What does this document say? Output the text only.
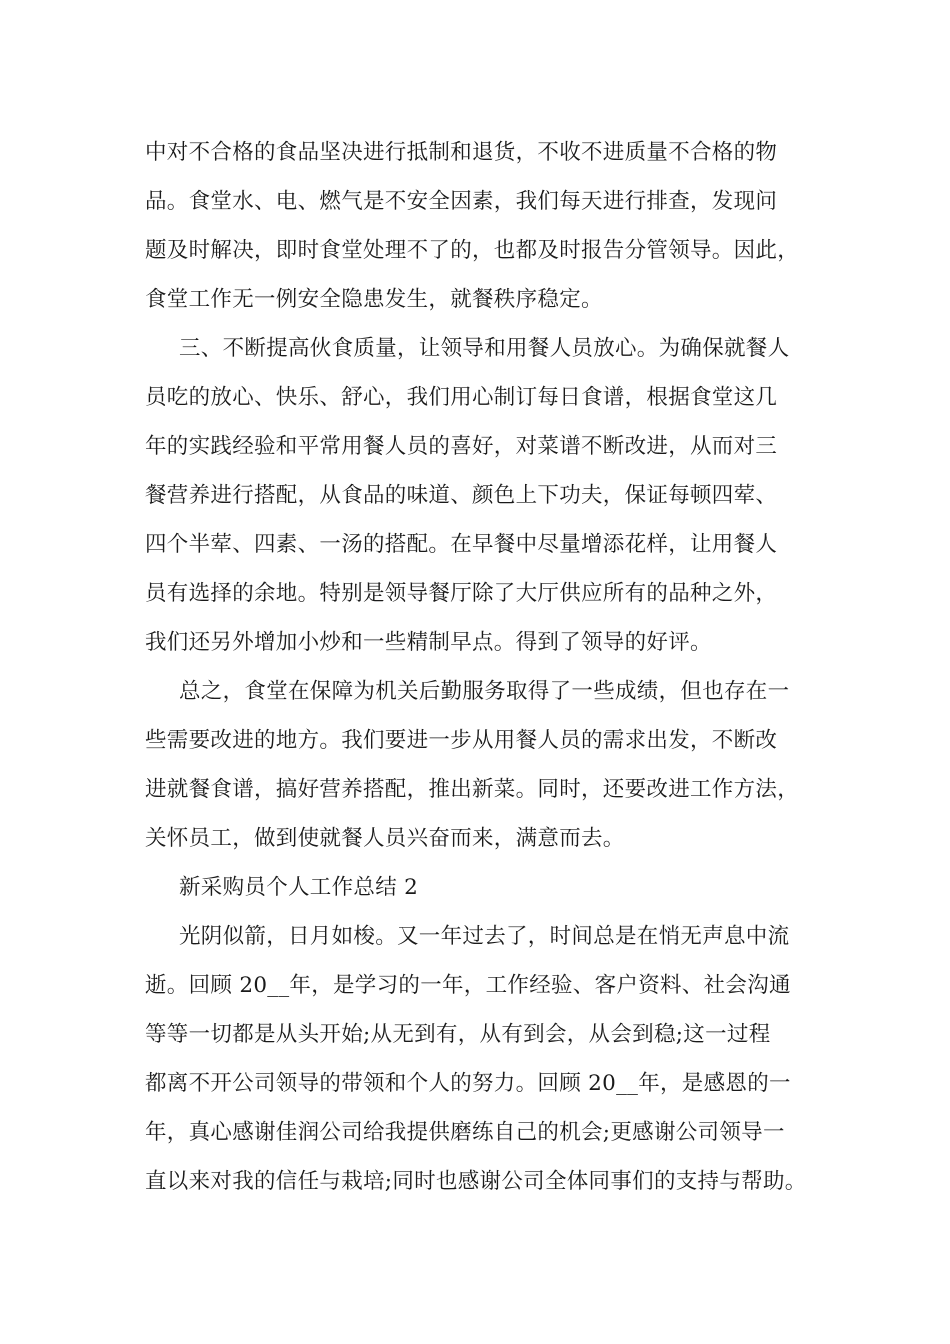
中对不合格的食品坚决进行抵制和退货，不收不进质量不合格的物
品。食堂水、电、燃气是不安全因素，我们每天进行排查，发现问
题及时解决，即时食堂处理不了的，也都及时报告分管领导。因此，
食堂工作无一例安全隐患发生，就餐秩序稳定。
三、不断提高伙食质量，让领导和用餐人员放心。为确保就餐人
员吃的放心、快乐、舒心，我们用心制订每日食谱，根据食堂这几
年的实践经验和平常用餐人员的喜好，对菜谱不断改进，从而对三
餐营养进行搭配，从食品的味道、颜色上下功夫，保证每顿四荤、
四个半荤、四素、一汤的搭配。在早餐中尽量增添花样，让用餐人
员有选择的余地。特别是领导餐厅除了大厅供应所有的品种之外，
我们还另外增加小炒和一些精制早点。得到了领导的好评。
总之，食堂在保障为机关后勤服务取得了一些成绩，但也存在一
些需要改进的地方。我们要进一步从用餐人员的需求出发，不断改
进就餐食谱，搞好营养搭配，推出新菜。同时，还要改进工作方法，
关怀员工，做到使就餐人员兴奋而来，满意而去。
新采购员个人工作总结 2
光阴似箭，日月如梭。又一年过去了，时间总是在悄无声息中流
逝。回顾 20__年，是学习的一年，工作经验、客户资料、社会沟通
等等一切都是从头开始;从无到有，从有到会，从会到稳;这一过程
都离不开公司领导的带领和个人的努力。回顾 20__年，是感恩的一
年，真心感谢佳润公司给我提供磨练自己的机会;更感谢公司领导一
直以来对我的信任与栽培;同时也感谢公司全体同事们的支持与帮助。
